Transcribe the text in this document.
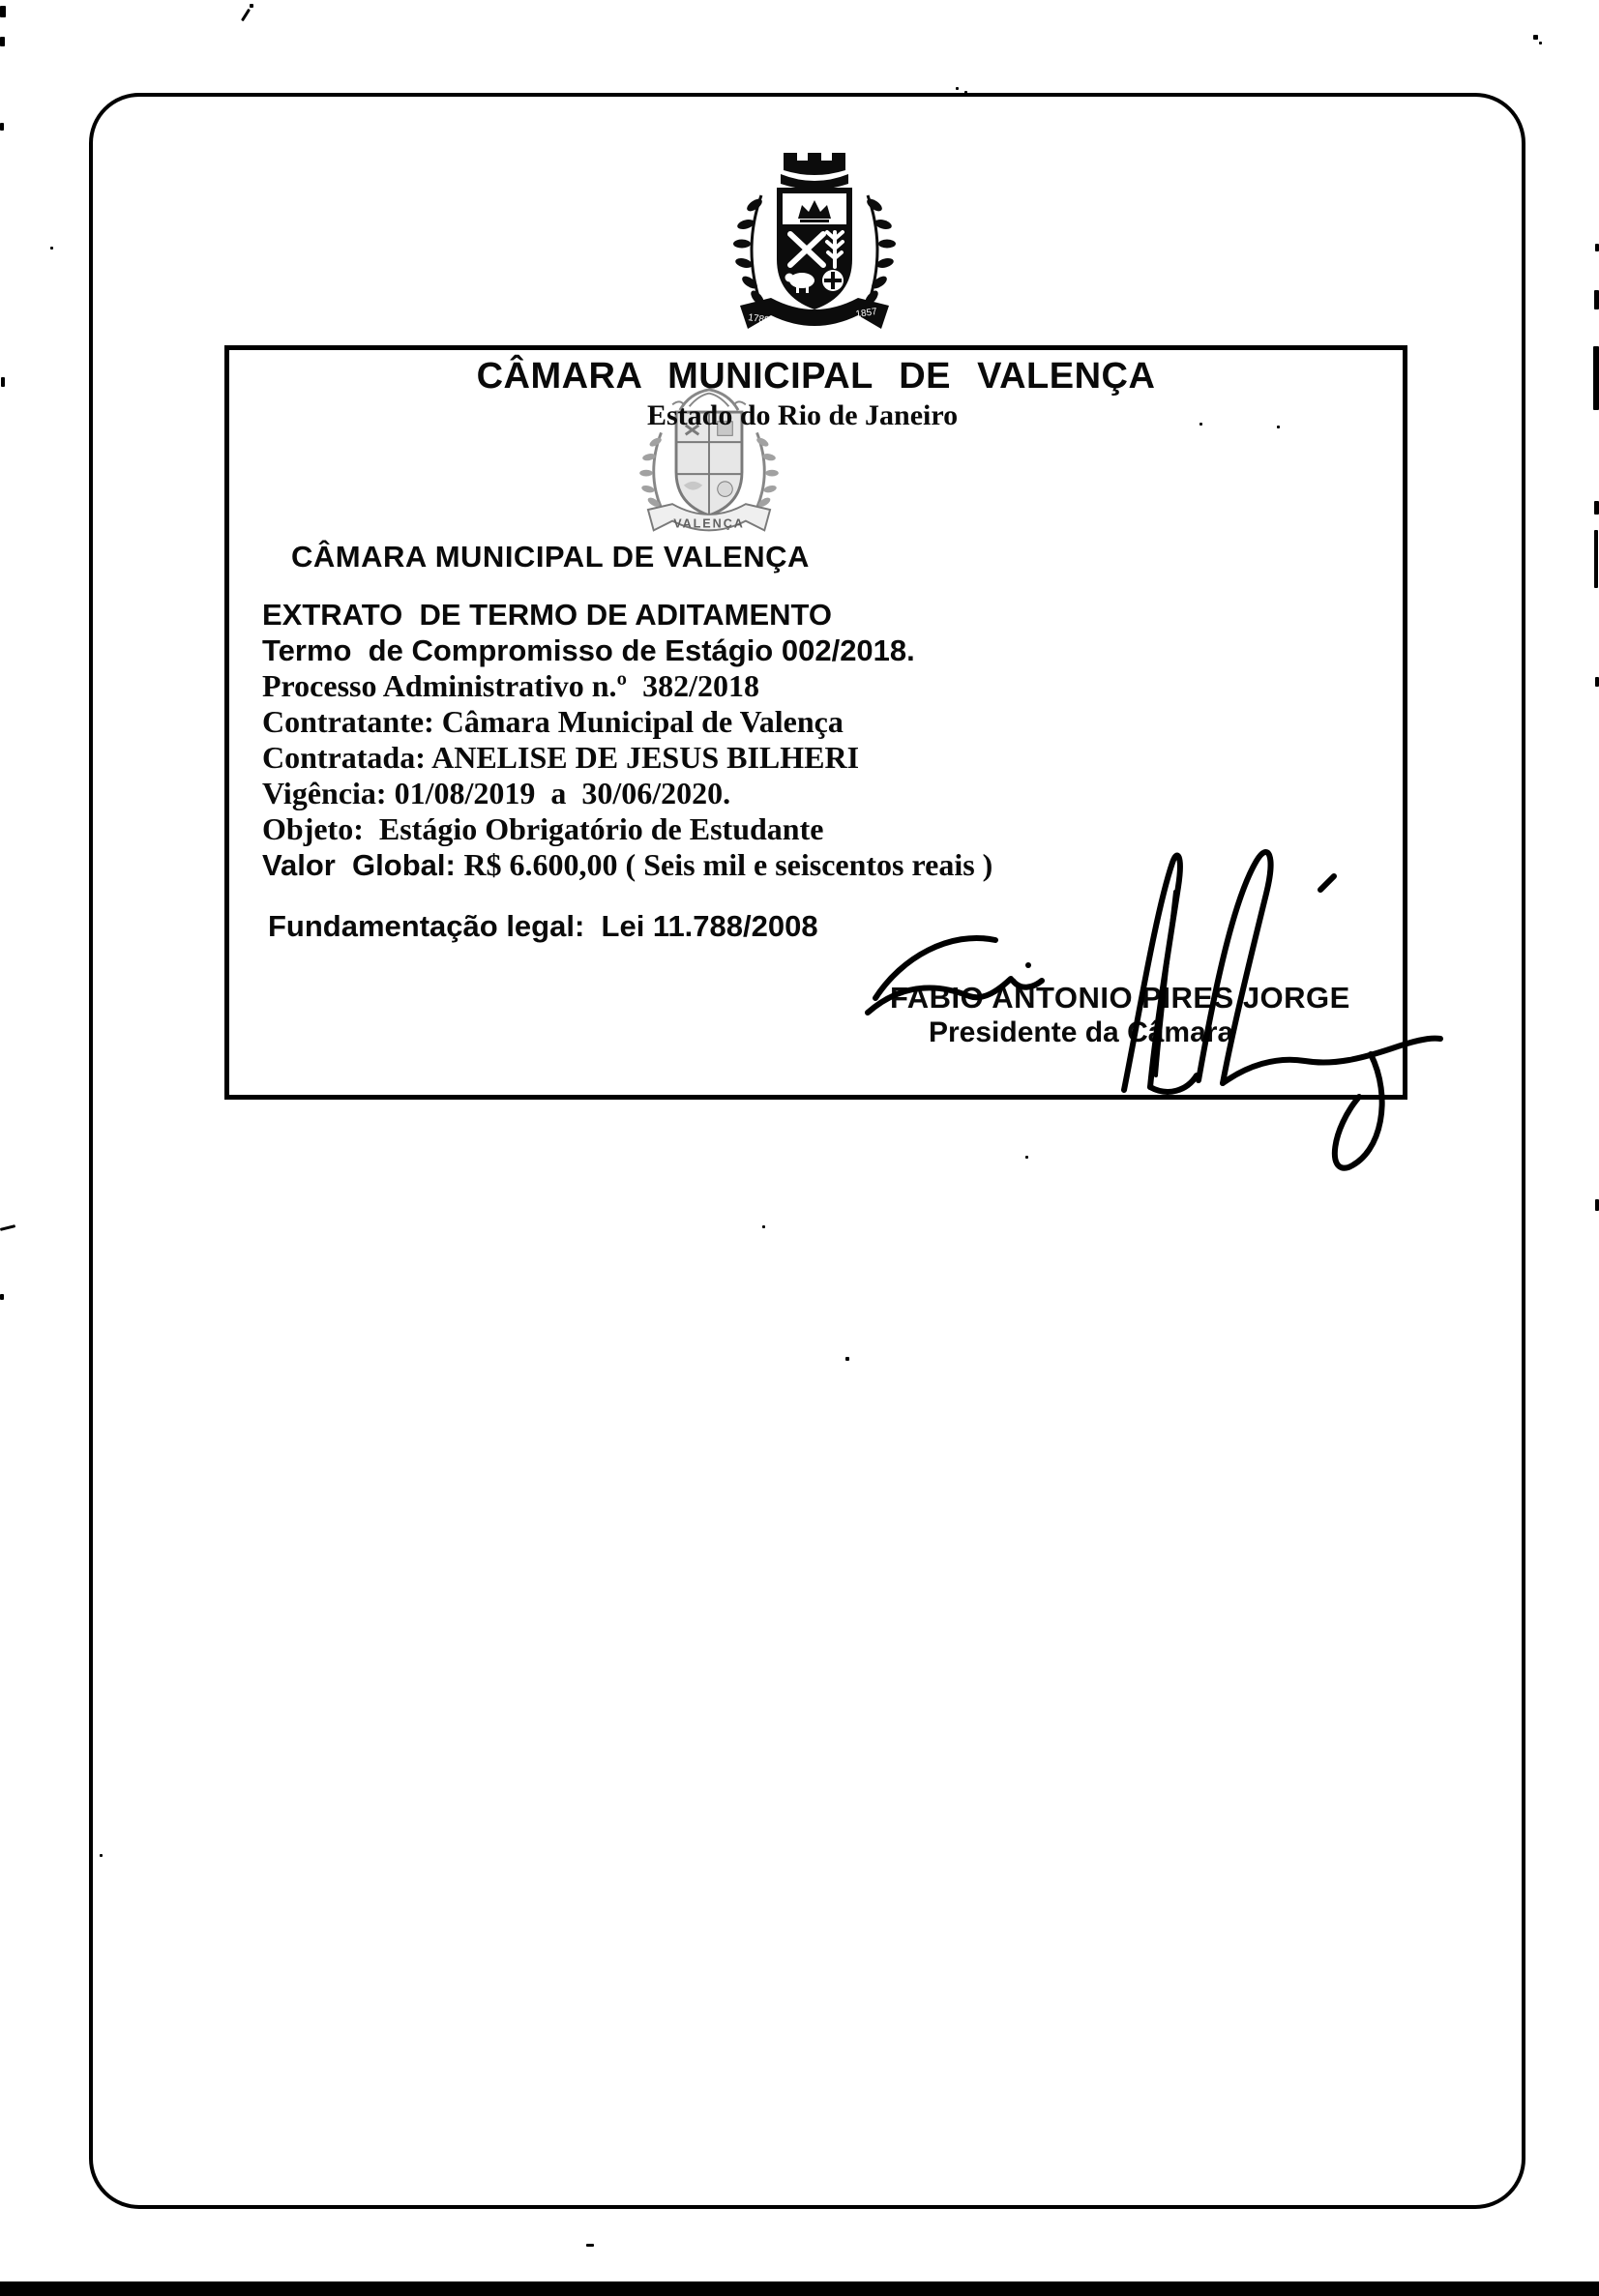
1789	1857
CÂMARA MUNICIPAL DE VALENÇA
VALENÇA
Estado do Rio de Janeiro
CÂMARA MUNICIPAL DE VALENÇA
EXTRATO  DE TERMO DE ADITAMENTO
Termo  de Compromisso de Estágio 002/2018.
Processo Administrativo n.º  382/2018
Contratante: Câmara Municipal de Valença
Contratada: ANELISE DE JESUS BILHERI
Vigência: 01/08/2019  a  30/06/2020.
Objeto:  Estágio Obrigatório de Estudante
Valor  Global: R$ 6.600,00 ( Seis mil e seiscentos reais )
Fundamentação legal:  Lei 11.788/2008
FABIO ANTONIO PIRES JORGE
Presidente da Câmara
